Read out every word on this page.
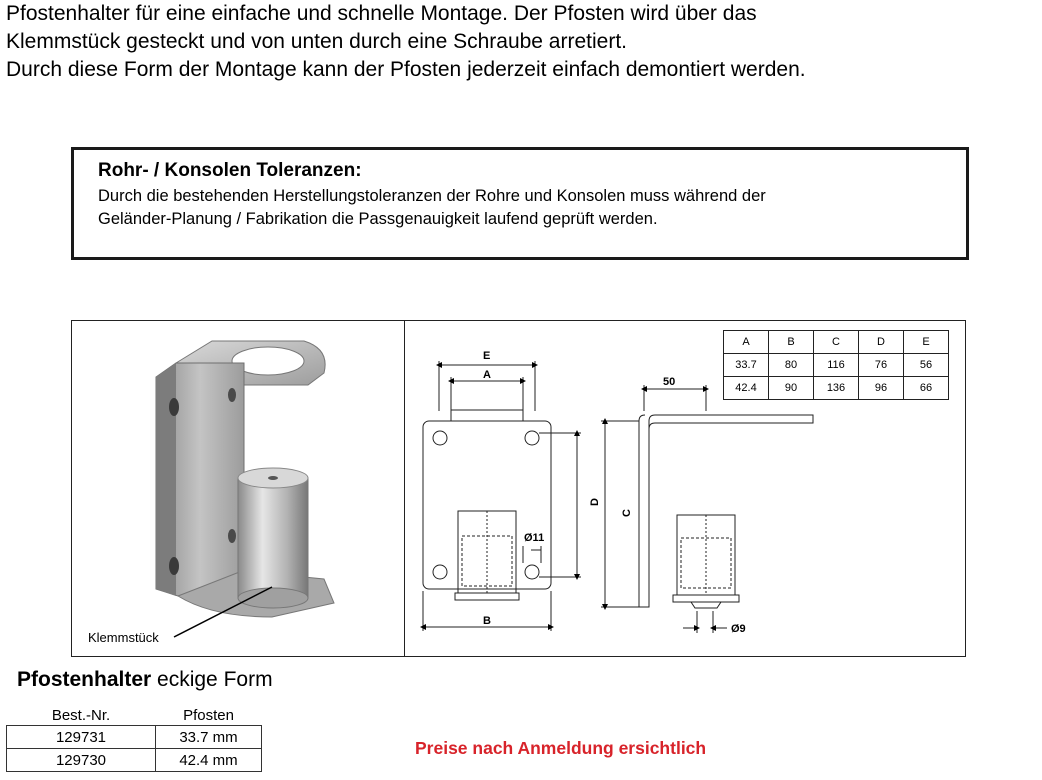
Pfostenhalter für eine einfache und schnelle Montage. Der Pfosten wird über das

Klemmstück gesteckt und von unten durch eine Schraube arretiert.

Durch diese Form der Montage kann der Pfosten jederzeit einfach demontiert werden.

Rohr- / Konsolen Toleranzen:

Durch die bestehenden Herstellungstoleranzen der Rohre und Konsolen muss während der

Geländer-Planung / Fabrikation die Passgenauigkeit laufend geprüft werden.

Klemmstück
E
A
B
D
C
50
Ø11
Ø9
A	B	C	D	E
33.7	80	116	76	56
42.4	90	136	96	66
Pfostenhalter eckige Form
Best.-Nr.	Pfosten
129731	33.7 mm
129730	42.4 mm
Preise nach Anmeldung ersichtlich
